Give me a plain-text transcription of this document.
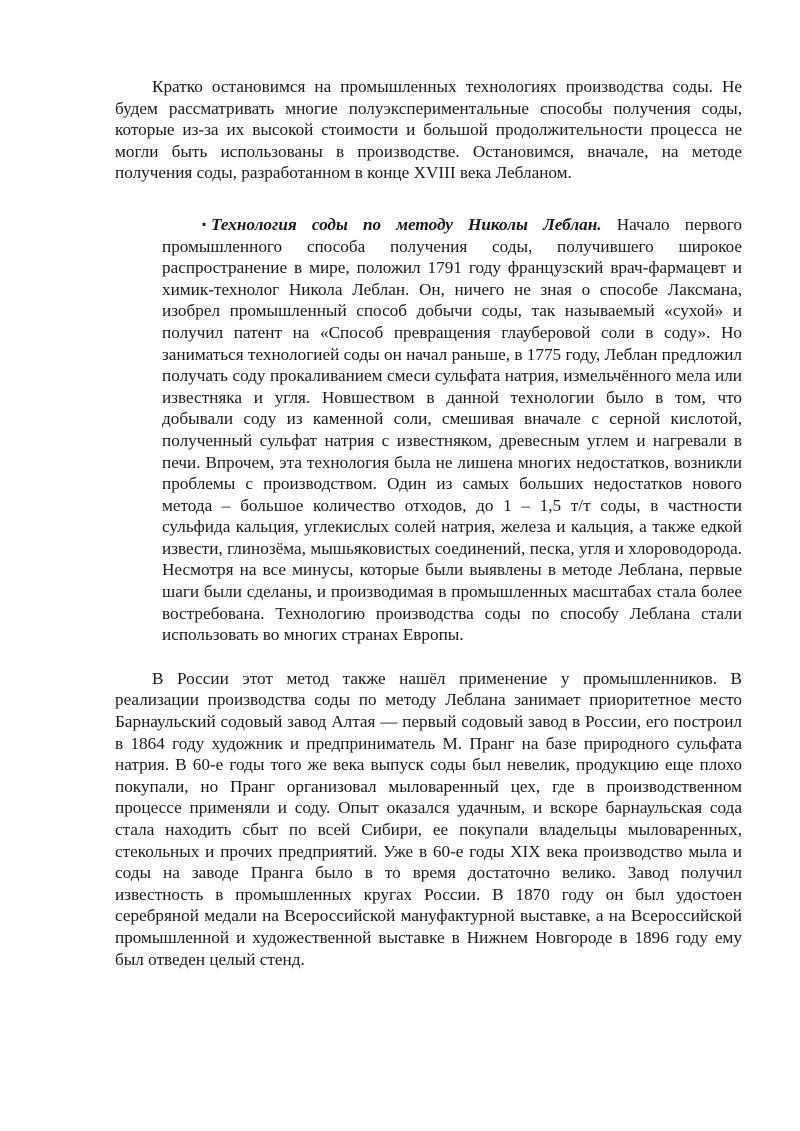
Кратко остановимся на промышленных технологиях производства соды. Не будем рассматривать многие полуэкспериментальные способы получения соды, которые из-за их высокой стоимости и большой продолжительности процесса не могли быть использованы в производстве. Остановимся, вначале, на методе получения соды, разработанном в конце XVIII века Лебланом.

▪ Технология соды по методу Николы Леблан. Начало первого промышленного способа получения соды, получившего широкое распространение в мире, положил 1791 году французский врач-фармацевт и химик-технолог Никола Леблан. Он, ничего не зная о способе Лаксмана, изобрел промышленный способ добычи соды, так называемый «сухой» и получил патент на «Способ превращения глауберовой соли в соду». Но заниматься технологией соды он начал раньше, в 1775 году, Леблан предложил получать соду прокаливанием смеси сульфата натрия, измельчённого мела или известняка и угля. Новшеством в данной технологии было в том, что добывали соду из каменной соли, смешивая вначале с серной кислотой, полученный сульфат натрия с известняком, древесным углем и нагревали в печи. Впрочем, эта технология была не лишена многих недостатков, возникли проблемы с производством. Один из самых больших недостатков нового метода – большое количество отходов, до 1 – 1,5 т/т соды, в частности сульфида кальция, углекислых солей натрия, железа и кальция, а также едкой извести, глинозёма, мышьяковистых соединений, песка, угля и хлороводорода. Несмотря на все минусы, которые были выявлены в методе Леблана, первые шаги были сделаны, и производимая в промышленных масштабах стала более востребована. Технологию производства соды по способу Леблана стали использовать во многих странах Европы.

В России этот метод также нашёл применение у промышленников. В реализации производства соды по методу Леблана занимает приоритетное место Барнаульский содовый завод Алтая — первый содовый завод в России, его построил в 1864 году художник и предприниматель М. Пранг на базе природного сульфата натрия. В 60-е годы того же века выпуск соды был невелик, продукцию еще плохо покупали, но Пранг организовал мыловаренный цех, где в производственном процессе применяли и соду. Опыт оказался удачным, и вскоре барнаульская сода стала находить сбыт по всей Сибири, ее покупали владельцы мыловаренных, стекольных и прочих предприятий. Уже в 60-е годы XIX века производство мыла и соды на заводе Пранга было в то время достаточно велико. Завод получил известность в промышленных кругах России. В 1870 году он был удостоен серебряной медали на Всероссийской мануфактурной выставке, а на Всероссийской промышленной и художественной выставке в Нижнем Новгороде в 1896 году ему был отведен целый стенд.
